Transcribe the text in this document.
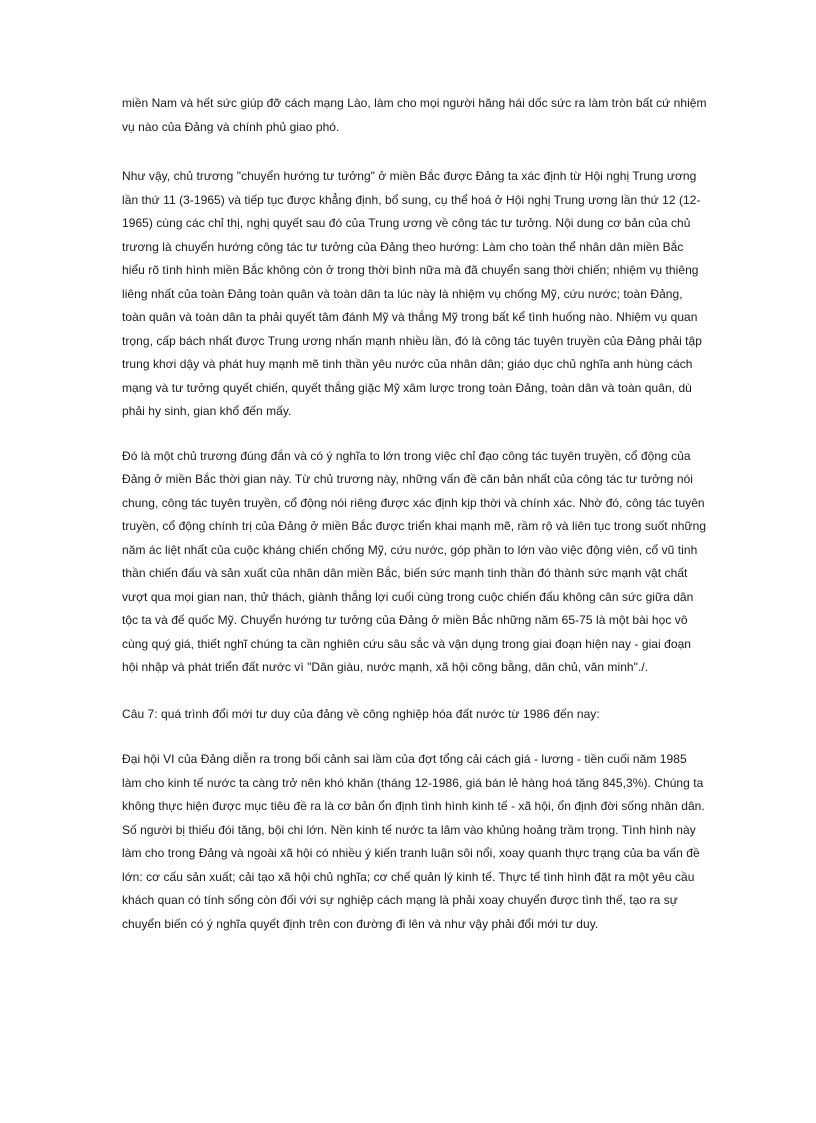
miền Nam và hết sức giúp đỡ cách mạng Lào, làm cho mọi người hăng hái dốc sức ra làm tròn bất cứ nhiệm vụ nào của Đảng và chính phủ giao phó.

Như vậy, chủ trương "chuyển hướng tư tưởng" ở miền Bắc được Đảng ta xác định từ Hội nghị Trung ương lần thứ 11 (3-1965) và tiếp tục được khẳng định, bổ sung, cụ thể hoá ở Hội nghị Trung ương lần thứ 12 (12-1965) cùng các chỉ thị, nghị quyết sau đó của Trung ương về công tác tư tưởng. Nội dung cơ bản của chủ trương là chuyển hướng công tác tư tưởng của Đảng theo hướng: Làm cho toàn thể nhân dân miền Bắc hiểu rõ tình hình miền Bắc không còn ở trong thời bình nữa mà đã chuyển sang thời chiến; nhiệm vụ thiêng liêng nhất của toàn Đảng toàn quân và toàn dân ta lúc này là nhiệm vụ chống Mỹ, cứu nước; toàn Đảng, toàn quân và toàn dân ta phải quyết tâm đánh Mỹ và thắng Mỹ trong bất kể tình huống nào. Nhiệm vụ quan trọng, cấp bách nhất được Trung ương nhấn mạnh nhiều lần, đó là công tác tuyên truyền của Đảng phải tập trung khơi dậy và phát huy mạnh mẽ tinh thần yêu nước của nhân dân; giáo dục chủ nghĩa anh hùng cách mạng và tư tưởng quyết chiến, quyết thắng giặc Mỹ xâm lược trong toàn Đảng, toàn dân và toàn quân, dù phải hy sinh, gian khổ đến mấy.

Đó là một chủ trương đúng đắn và có ý nghĩa to lớn trong việc chỉ đạo công tác tuyên truyền, cổ động của Đảng ở miền Bắc thời gian này. Từ chủ trương này, những vấn đề căn bản nhất của công tác tư tưởng nói chung, công tác tuyên truyền, cổ động nói riêng được xác định kịp thời và chính xác. Nhờ đó, công tác tuyên truyền, cổ động chính trị của Đảng ở miền Bắc được triển khai mạnh mẽ, rầm rộ và liên tục trong suốt những năm ác liệt nhất của cuộc kháng chiến chống Mỹ, cứu nước, góp phần to lớn vào việc động viên, cổ vũ tinh thần chiến đấu và sản xuất của nhân dân miền Bắc, biến sức mạnh tinh thần đó thành sức mạnh vật chất vượt qua mọi gian nan, thử thách, giành thắng lợi cuối cùng trong cuộc chiến đấu không cân sức giữa dân tộc ta và đế quốc Mỹ. Chuyển hướng tư tưởng của Đảng ở miền Bắc những năm 65-75 là một bài học vô cùng quý giá, thiết nghĩ chúng ta cần nghiên cứu sâu sắc và vận dụng trong giai đoạn hiện nay - giai đoạn hội nhập và phát triển đất nước vì "Dân giàu, nước mạnh, xã hội công bằng, dân chủ, văn minh"./.

Câu 7: quá trình đổi mới tư duy của đảng về công nghiệp hóa đất nước từ 1986 đến nay:

Đại hội VI của Đảng diễn ra trong bối cảnh sai lầm của đợt tổng cải cách giá - lương - tiền cuối năm 1985 làm cho kinh tế nước ta càng trở nên khó khăn (tháng 12-1986, giá bán lẻ hàng hoá tăng 845,3%). Chúng ta không thực hiện được mục tiêu đề ra là cơ bản ổn định tình hình kinh tế - xã hội, ổn định đời sống nhân dân. Số người bị thiếu đói tăng, bội chi lớn. Nền kinh tế nước ta lâm vào khủng hoảng trầm trọng. Tình hình này làm cho trong Đảng và ngoài xã hội có nhiều ý kiến tranh luận sôi nổi, xoay quanh thực trạng của ba vấn đề lớn: cơ cấu sản xuất; cải tạo xã hội chủ nghĩa; cơ chế quản lý kinh tế. Thực tế tình hình đặt ra một yêu cầu khách quan có tính sống còn đối với sự nghiệp cách mạng là phải xoay chuyển được tình thế, tạo ra sự chuyển biến có ý nghĩa quyết định trên con đường đi lên và như vậy phải đổi mới tư duy.
